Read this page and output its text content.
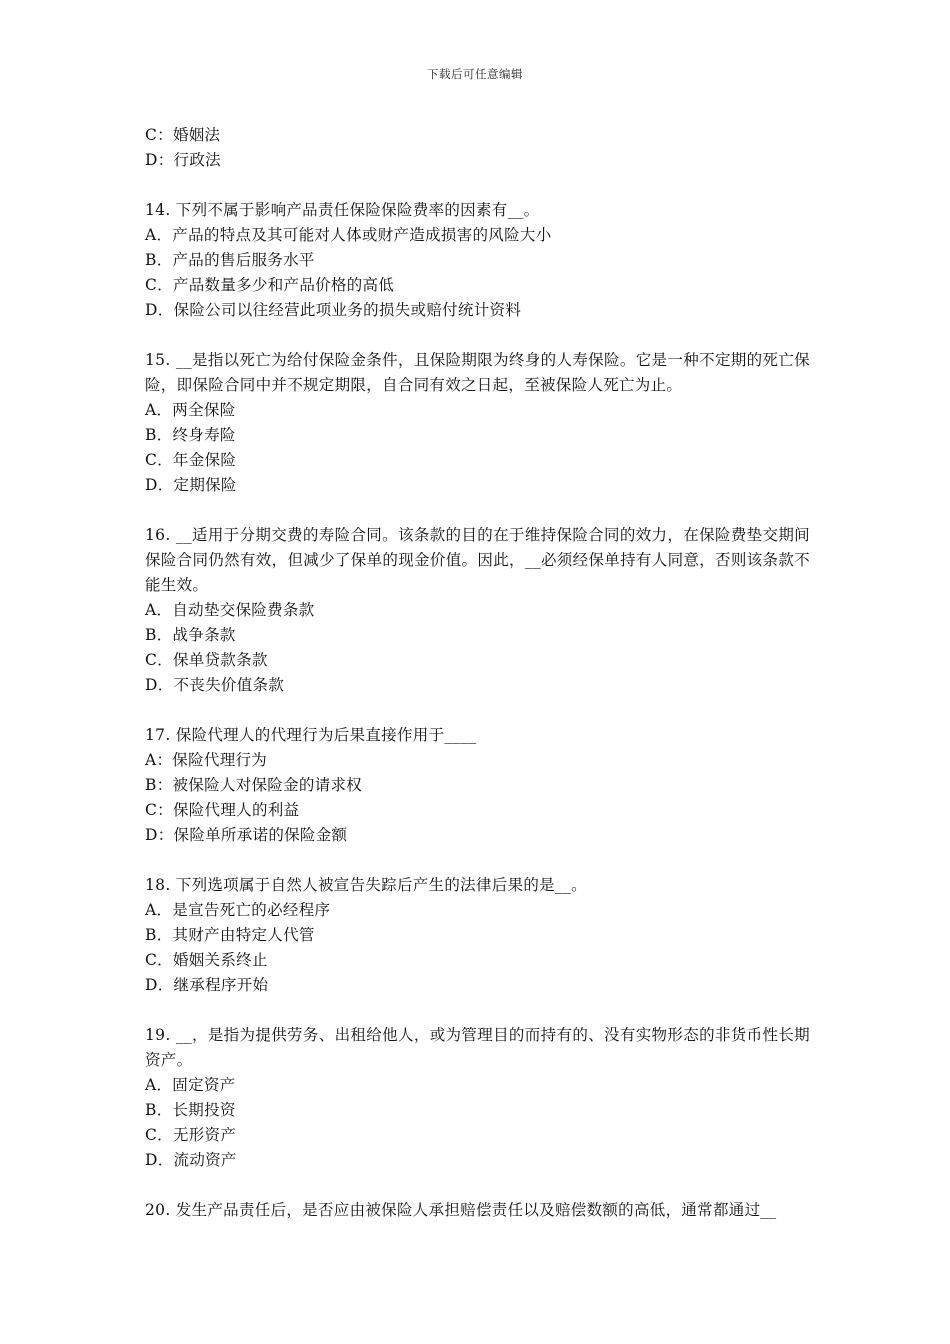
下载后可任意编辑
C：婚姻法
D：行政法
14. 下列不属于影响产品责任保险保险费率的因素有__。
A．产品的特点及其可能对人体或财产造成损害的风险大小
B．产品的售后服务水平
C．产品数量多少和产品价格的高低
D．保险公司以往经营此项业务的损失或赔付统计资料
15. __是指以死亡为给付保险金条件，且保险期限为终身的人寿保险。它是一种不定期的死亡保险，即保险合同中并不规定期限，自合同有效之日起，至被保险人死亡为止。
A．两全保险
B．终身寿险
C．年金保险
D．定期保险
16. __适用于分期交费的寿险合同。该条款的目的在于维持保险合同的效力，在保险费垫交期间保险合同仍然有效，但减少了保单的现金价值。因此，__必须经保单持有人同意，否则该条款不能生效。
A．自动垫交保险费条款
B．战争条款
C．保单贷款条款
D．不丧失价值条款
17. 保险代理人的代理行为后果直接作用于____
A：保险代理行为
B：被保险人对保险金的请求权
C：保险代理人的利益
D：保险单所承诺的保险金额
18. 下列选项属于自然人被宣告失踪后产生的法律后果的是__。
A．是宣告死亡的必经程序
B．其财产由特定人代管
C．婚姻关系终止
D．继承程序开始
19. __，是指为提供劳务、出租给他人，或为管理目的而持有的、没有实物形态的非货币性长期资产。
A．固定资产
B．长期投资
C．无形资产
D．流动资产
20. 发生产品责任后，是否应由被保险人承担赔偿责任以及赔偿数额的高低，通常都通过__
